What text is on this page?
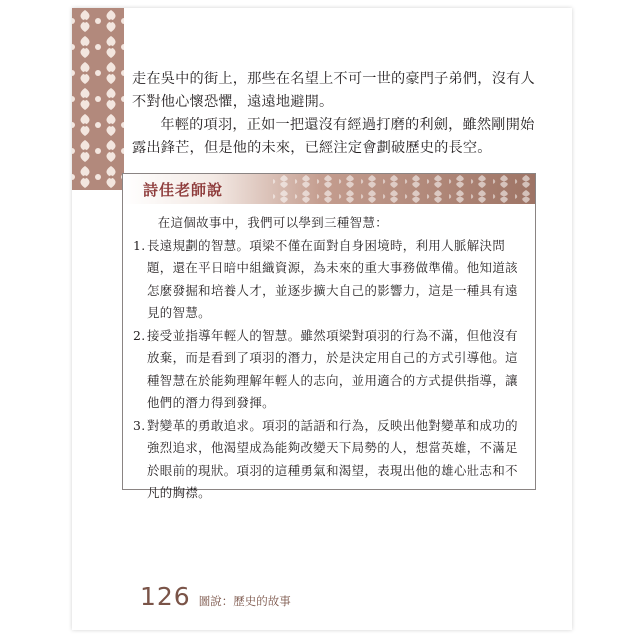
走在吳中的街上，那些在名望上不可一世的豪門子弟們，沒有人不對他心懷恐懼，遠遠地避開。

年輕的項羽，正如一把還沒有經過打磨的利劍，雖然剛開始露出鋒芒，但是他的未來，已經注定會劃破歷史的長空。

詩佳老師說

在這個故事中，我們可以學到三種智慧：

1. 長遠規劃的智慧。項梁不僅在面對自身困境時，利用人脈解決問題，還在平日暗中組織資源，為未來的重大事務做準備。他知道該怎麼發掘和培養人才，並逐步擴大自己的影響力，這是一種具有遠見的智慧。
2. 接受並指導年輕人的智慧。雖然項梁對項羽的行為不滿，但他沒有放棄，而是看到了項羽的潛力，於是決定用自己的方式引導他。這種智慧在於能夠理解年輕人的志向，並用適合的方式提供指導，讓他們的潛力得到發揮。
3. 對變革的勇敢追求。項羽的話語和行為，反映出他對變革和成功的強烈追求，他渴望成為能夠改變天下局勢的人，想當英雄，不滿足於眼前的現狀。項羽的這種勇氣和渴望，表現出他的雄心壯志和不凡的胸襟。
126 圖說：歷史的故事
